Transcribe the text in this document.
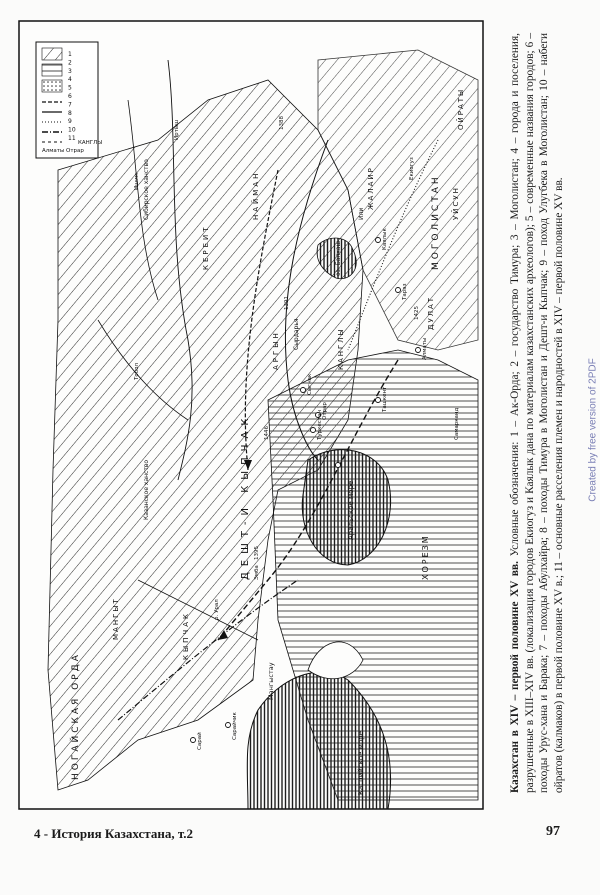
1 2 3 4 5 6 7 8 9 10 11
Отрар
Алматы
КАНГЛЫ
Аральское море
Мангыстау
Каспийское море
оз. Балхаш
НОГАЙСКАЯ ОРДА
Казанское ханство
Сибирское ханство
ХОРЕЗМ
МОГОЛИСТАН
ДЕШТ-И КЫПЧАК
Сырдарья
Или
Отрар
Сыгнак
Туркестан
Ташкент
Самарканд
Алматы
Тараз
Каялык
Екиогуз
Сарай
Сарайчик
р. Урал
Иртыш
Ишим
Тобол
Эмба
КЕРЕИТ
КЫПЧАК
НАЙМАН
АРГЫН	КАНГЛЫ
ДУЛАТ
ЖАЛАИР	УЙСУН
МАНГЫТ
ОЙРАТЫ
1388
1391
1395
1425
1446
Казахстан в XIV – первой половине XV вв. Условные обозначения: 1 – Ак-Орда; 2 – государство Тимура; 3 – Моголистан; 4 – города и поселения, разрушенные в XIII–XIV вв. (локализация городов Екиогуз и Каялык дана по материалам казахстанских археологов); 5 – современные названия городов; 6 – походы Урус-хана и Барака; 7 – походы Абулхайра; 8 – походы Тимура в Моголистан и Дешт-и Кыпчак; 9 – поход Улугбека в Моголистан; 10 – набеги ойратов (калмаков) в первой половине XV в.; 11 – основные расселения племен и народностей в XIV – первой половине XV вв. Created by free version of 2PDF
4 - История Казахстана, т.2	97
